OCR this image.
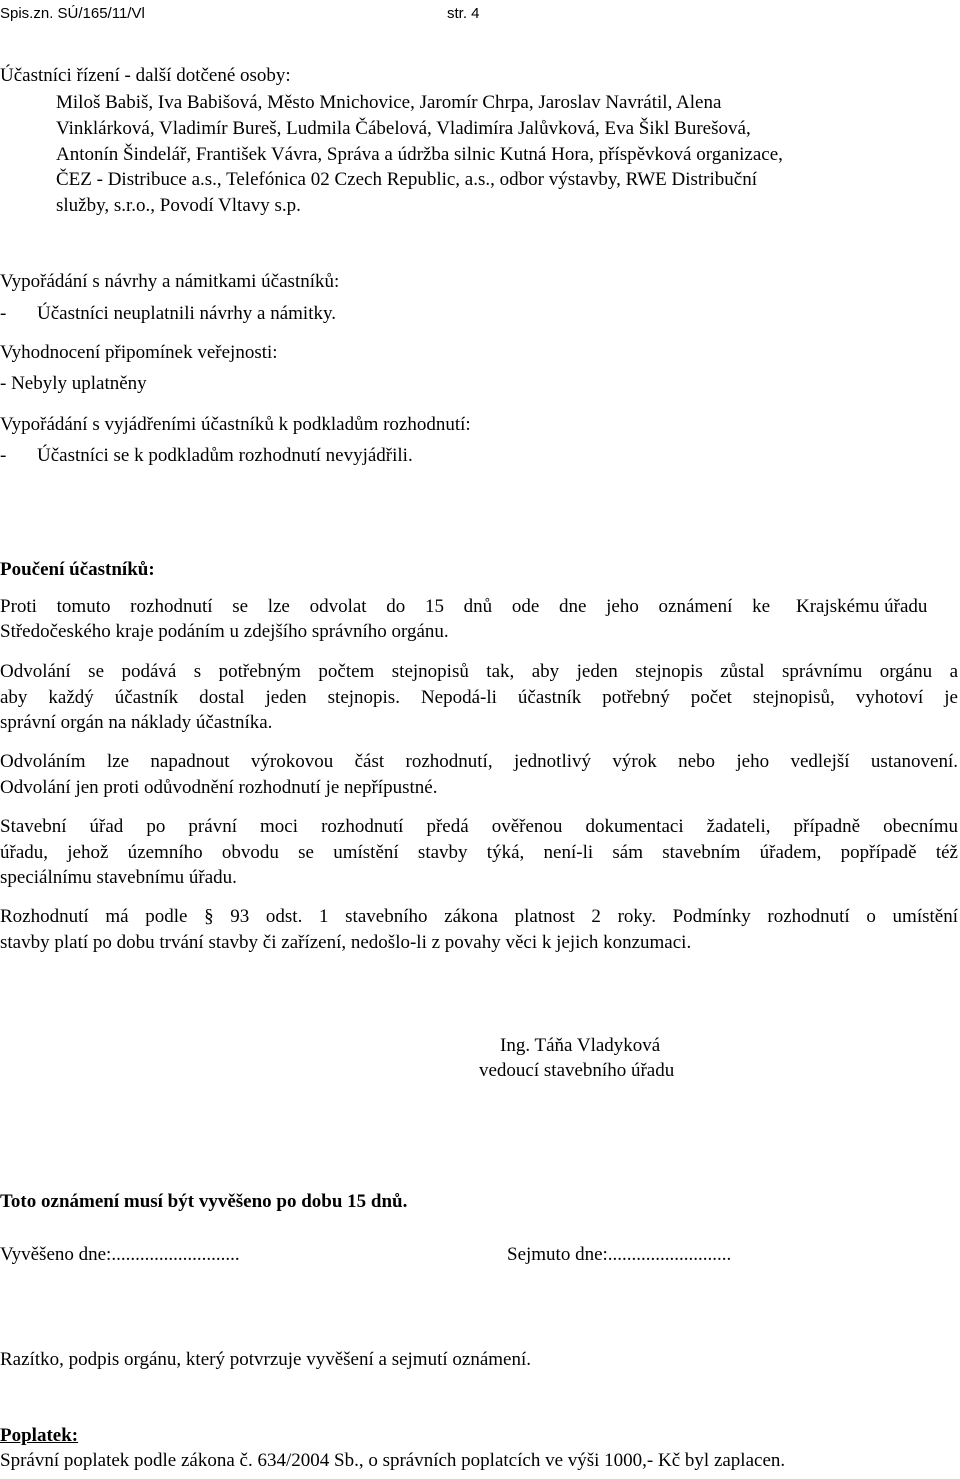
Spis.zn. SÚ/165/11/Vl	str. 4
Účastníci řízení - další dotčené osoby:
Miloš Babiš, Iva Babišová, Město Mnichovice, Jaromír Chrpa, Jaroslav Navrátil, Alena
Vinklárková, Vladimír Bureš, Ludmila Čábelová, Vladimíra Jalůvková, Eva Šikl Burešová,
Antonín Šindelář, František Vávra, Správa a údržba silnic Kutná Hora, příspěvková organizace,
ČEZ - Distribuce a.s., Telefónica 02 Czech Republic, a.s., odbor výstavby, RWE Distribuční
služby, s.r.o., Povodí Vltavy s.p.
Vypořádání s návrhy a námitkami účastníků:
- Účastníci neuplatnili návrhy a námitky.
Vyhodnocení připomínek veřejnosti:
- Nebyly uplatněny
Vypořádání s vyjádřeními účastníků k podkladům rozhodnutí:
- Účastníci se k podkladům rozhodnutí nevyjádřili.
Poučení účastníků:
Proti tomuto rozhodnutí se lze odvolat do 15 dnů ode dne jeho oznámení ke Krajskému úřadu
Středočeského kraje podáním u zdejšího správního orgánu.
Odvolání se podává s potřebným počtem stejnopisů tak, aby jeden stejnopis zůstal správnímu orgánu a
aby každý účastník dostal jeden stejnopis. Nepodá-li účastník potřebný počet stejnopisů, vyhotoví je
správní orgán na náklady účastníka.
Odvoláním lze napadnout výrokovou část rozhodnutí, jednotlivý výrok nebo jeho vedlejší ustanovení.
Odvolání jen proti odůvodnění rozhodnutí je nepřípustné.
Stavební úřad po právní moci rozhodnutí předá ověřenou dokumentaci žadateli, případně obecnímu
úřadu, jehož územního obvodu se umístění stavby týká, není-li sám stavebním úřadem, popřípadě též
speciálnímu stavebnímu úřadu.
Rozhodnutí má podle § 93 odst. 1 stavebního zákona platnost 2 roky. Podmínky rozhodnutí o umístění
stavby platí po dobu trvání stavby či zařízení, nedošlo-li z povahy věci k jejich konzumaci.
Ing. Táňa Vladyková
vedoucí stavebního úřadu
Toto oznámení musí být vyvěšeno po dobu 15 dnů.
Vyvěšeno dne:...........................	Sejmuto dne:..........................
Razítko, podpis orgánu, který potvrzuje vyvěšení a sejmutí oznámení.
Poplatek:
Správní poplatek podle zákona č. 634/2004 Sb., o správních poplatcích ve výši 1000,- Kč byl zaplacen.
